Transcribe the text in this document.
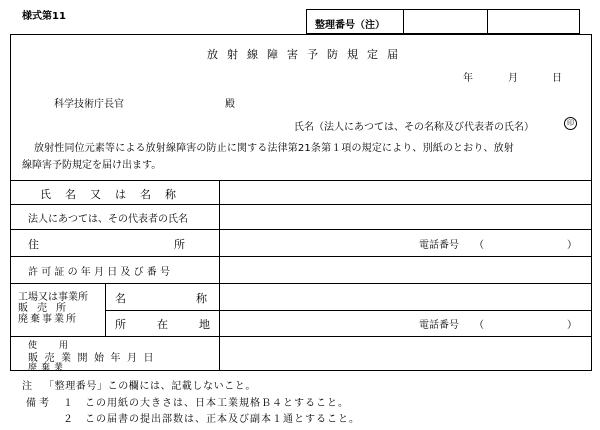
様式第11
整理番号（注）
放射線障害予防規定届
年	月	日
科学技術庁長官	殿
氏名（法人にあつては、その名称及び代表者の氏名）	印
放射性同位元素等による放射線障害の防止に関する法律第21条第１項の規定により、別紙のとおり、放射
線障害予防規定を届け出ます。
氏名又は名称
法人にあつては、その代表者の氏名
住所	電話番号 （	）
許可証の年月日及び番号
工場又は事業所
販売所
廃棄事業所
名称
所在地	電話番号 （	）
使用
販売業開始年月日
廃棄業
注 「整理番号」この欄には、記載しないこと。
備考 １ この用紙の大きさは、日本工業規格Ｂ４とすること。
２ この届書の提出部数は、正本及び副本１通とすること。
